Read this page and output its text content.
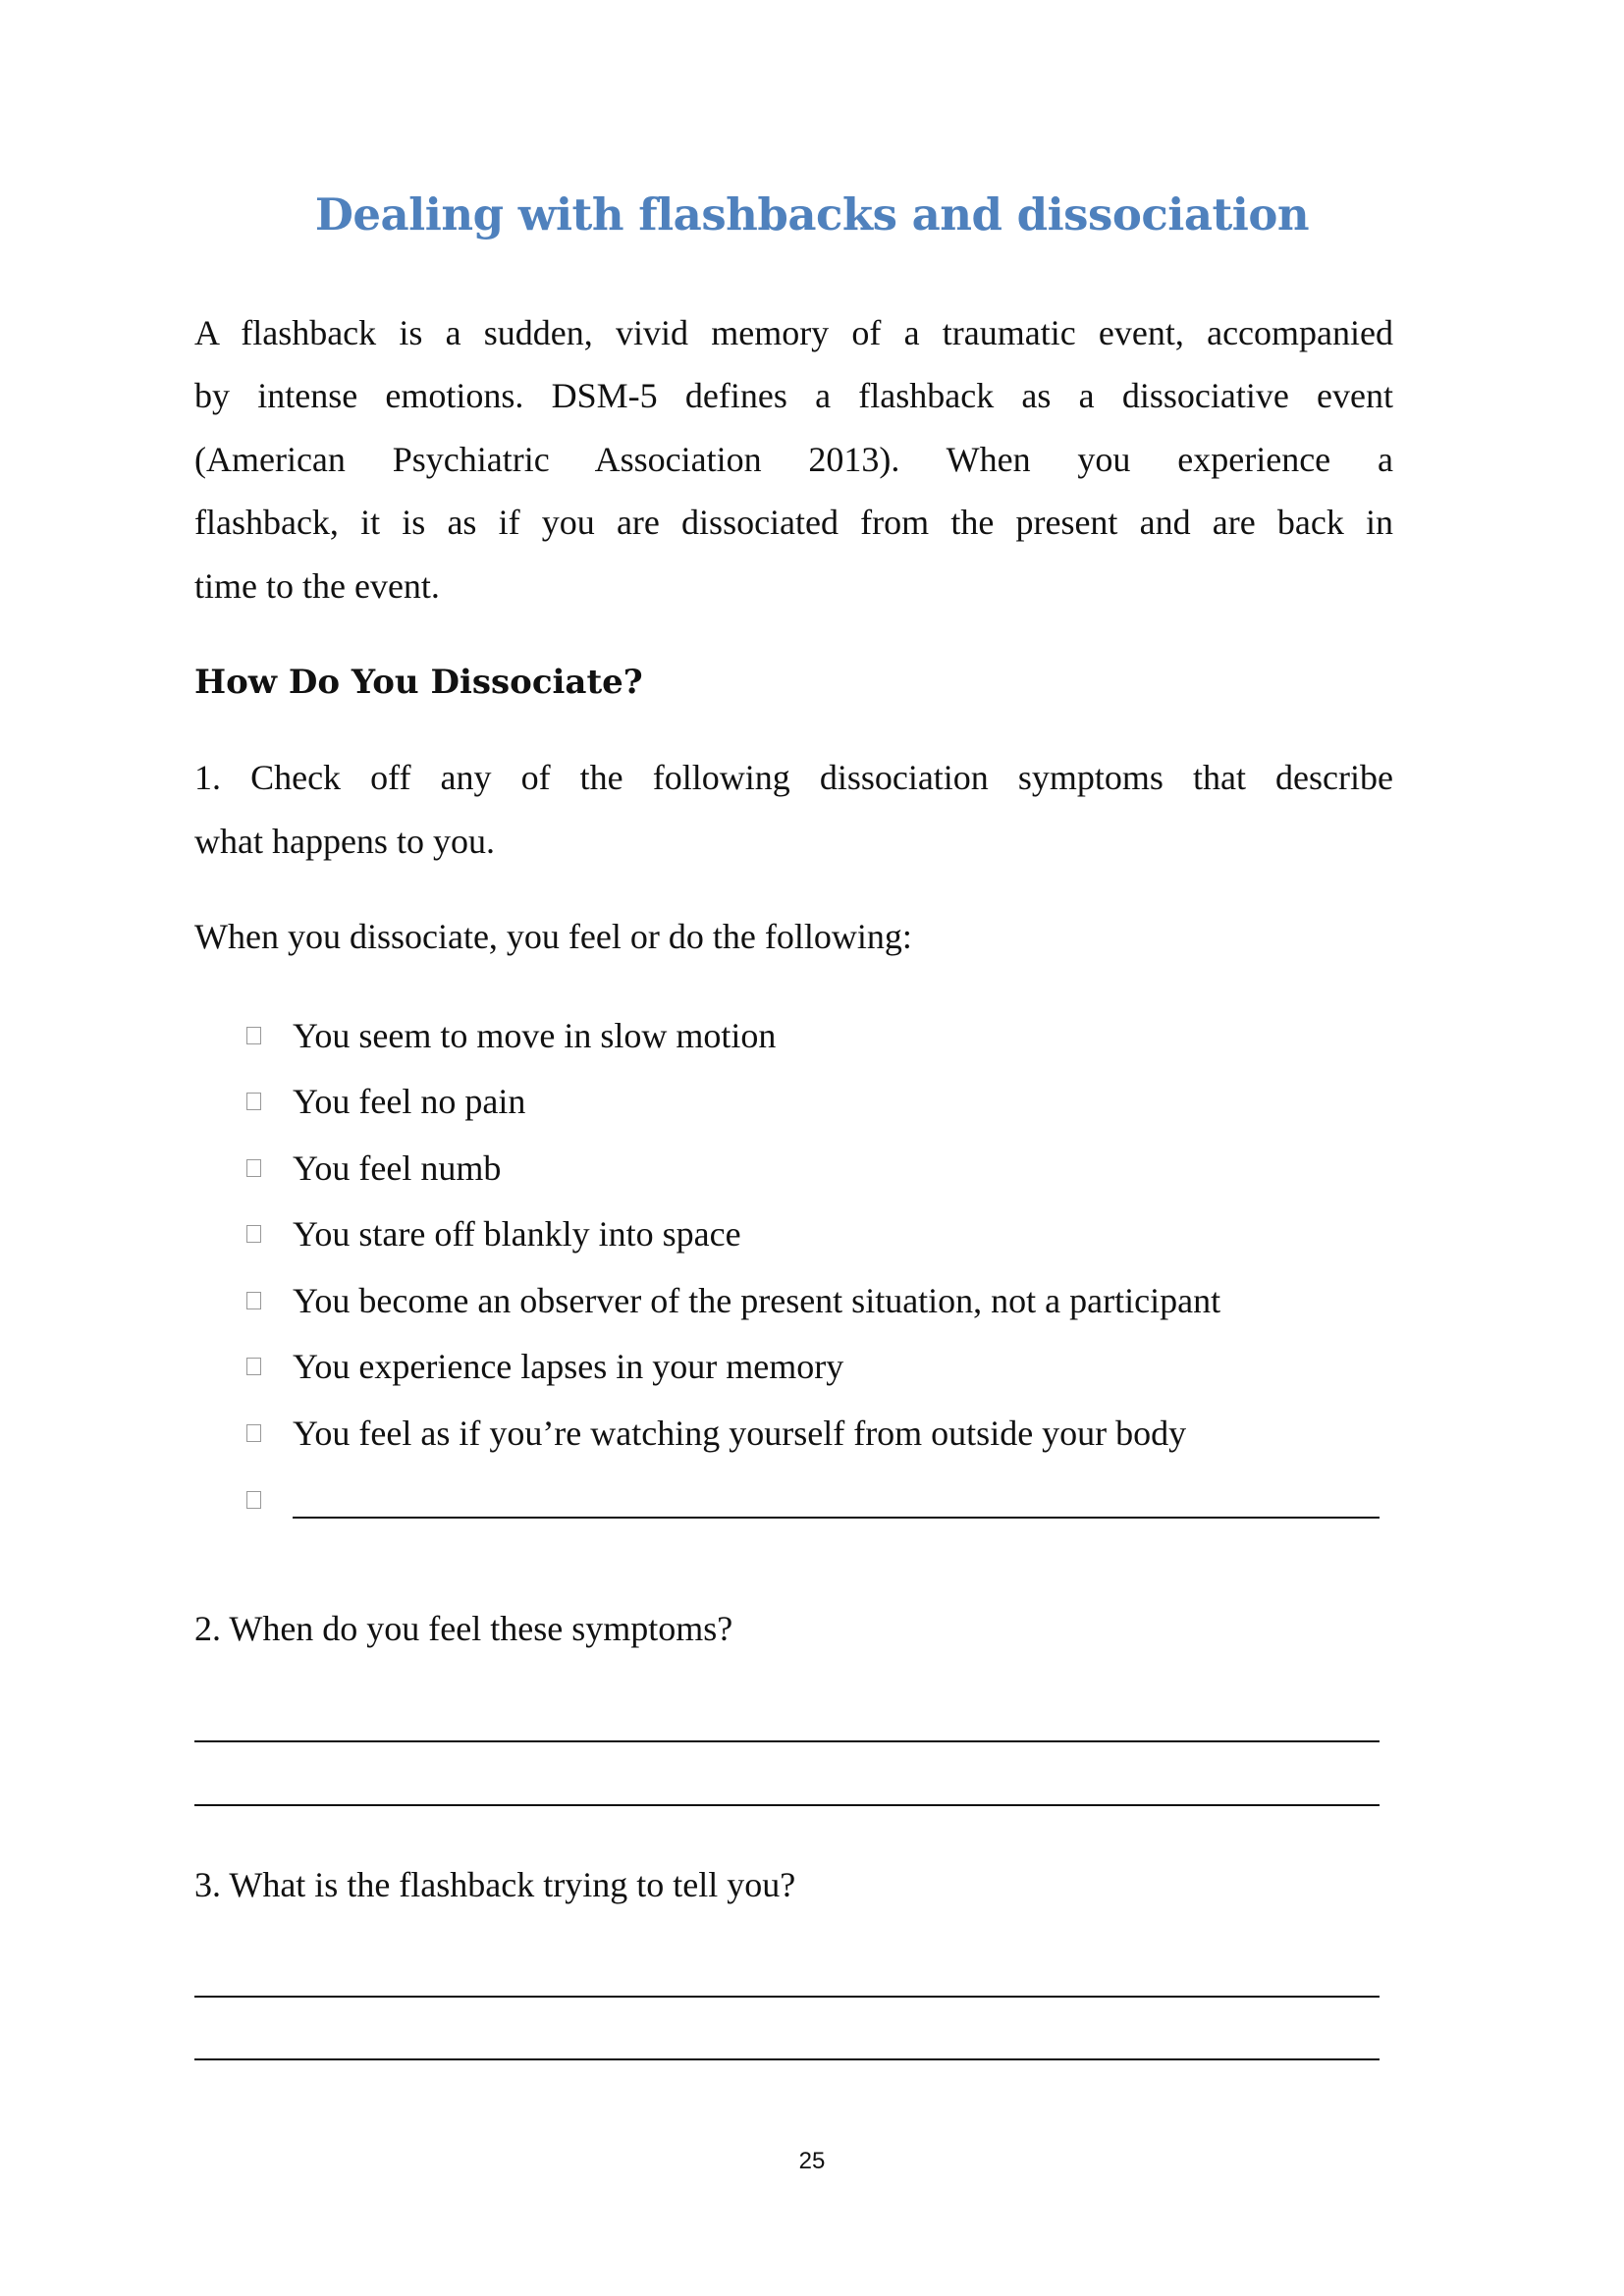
Dealing with flashbacks and dissociation
A flashback is a sudden, vivid memory of a traumatic event, accompanied
by intense emotions. DSM-5 defines a flashback as a dissociative event
(American Psychiatric Association 2013). When you experience a
flashback, it is as if you are dissociated from the present and are back in
time to the event.
How Do You Dissociate?
1. Check off any of the following dissociation symptoms that describe
what happens to you.
When you dissociate, you feel or do the following:
You seem to move in slow motion
You feel no pain
You feel numb
You stare off blankly into space
You become an observer of the present situation, not a participant
You experience lapses in your memory
You feel as if you’re watching yourself from outside your body
2. When do you feel these symptoms?
3. What is the flashback trying to tell you?
25
